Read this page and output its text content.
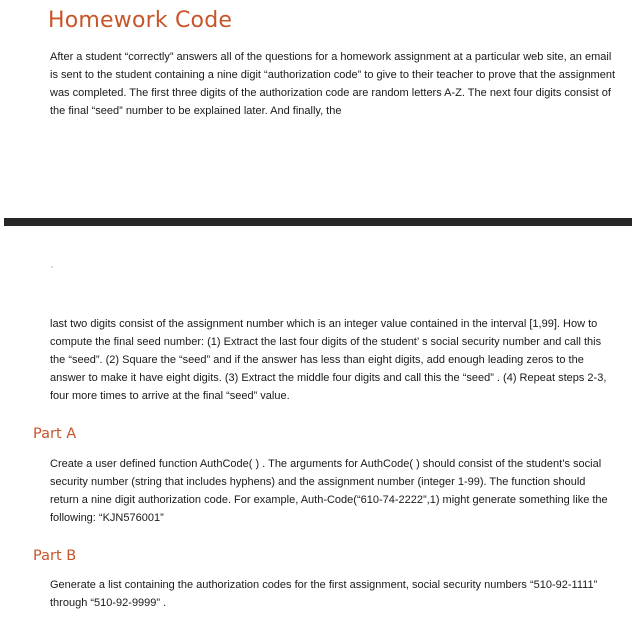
Homework Code

After a student “correctly” answers all of the questions for a homework assignment at a particular web site, an email is sent to the student containing a nine digit “authorization code” to give to their teacher to prove that the assignment was completed. The first three digits of the authorization code are random letters A-Z. The next four digits consist of the final “seed” number to be explained later. And finally, the

last two digits consist of the assignment number which is an integer value contained in the interval [1,99]. How to compute the final seed number: (1) Extract the last four digits of the student’ s social security number and call this the “seed”. (2) Square the “seed” and if the answer has less than eight digits, add enough leading zeros to the answer to make it have eight digits. (3) Extract the middle four digits and call this the “seed” . (4) Repeat steps 2-3, four more times to arrive at the final “seed” value.

Part A

Create a user defined function AuthCode( ) . The arguments for AuthCode( ) should consist of the student’s social security number (string that includes hyphens) and the assignment number (integer 1-99). The function should return a nine digit authorization code. For example, Auth-Code(“610-74-2222”,1) might generate something like the following: “KJN576001”

Part B

Generate a list containing the authorization codes for the first assignment, social security numbers “510-92-1111” through “510-92-9999” .
